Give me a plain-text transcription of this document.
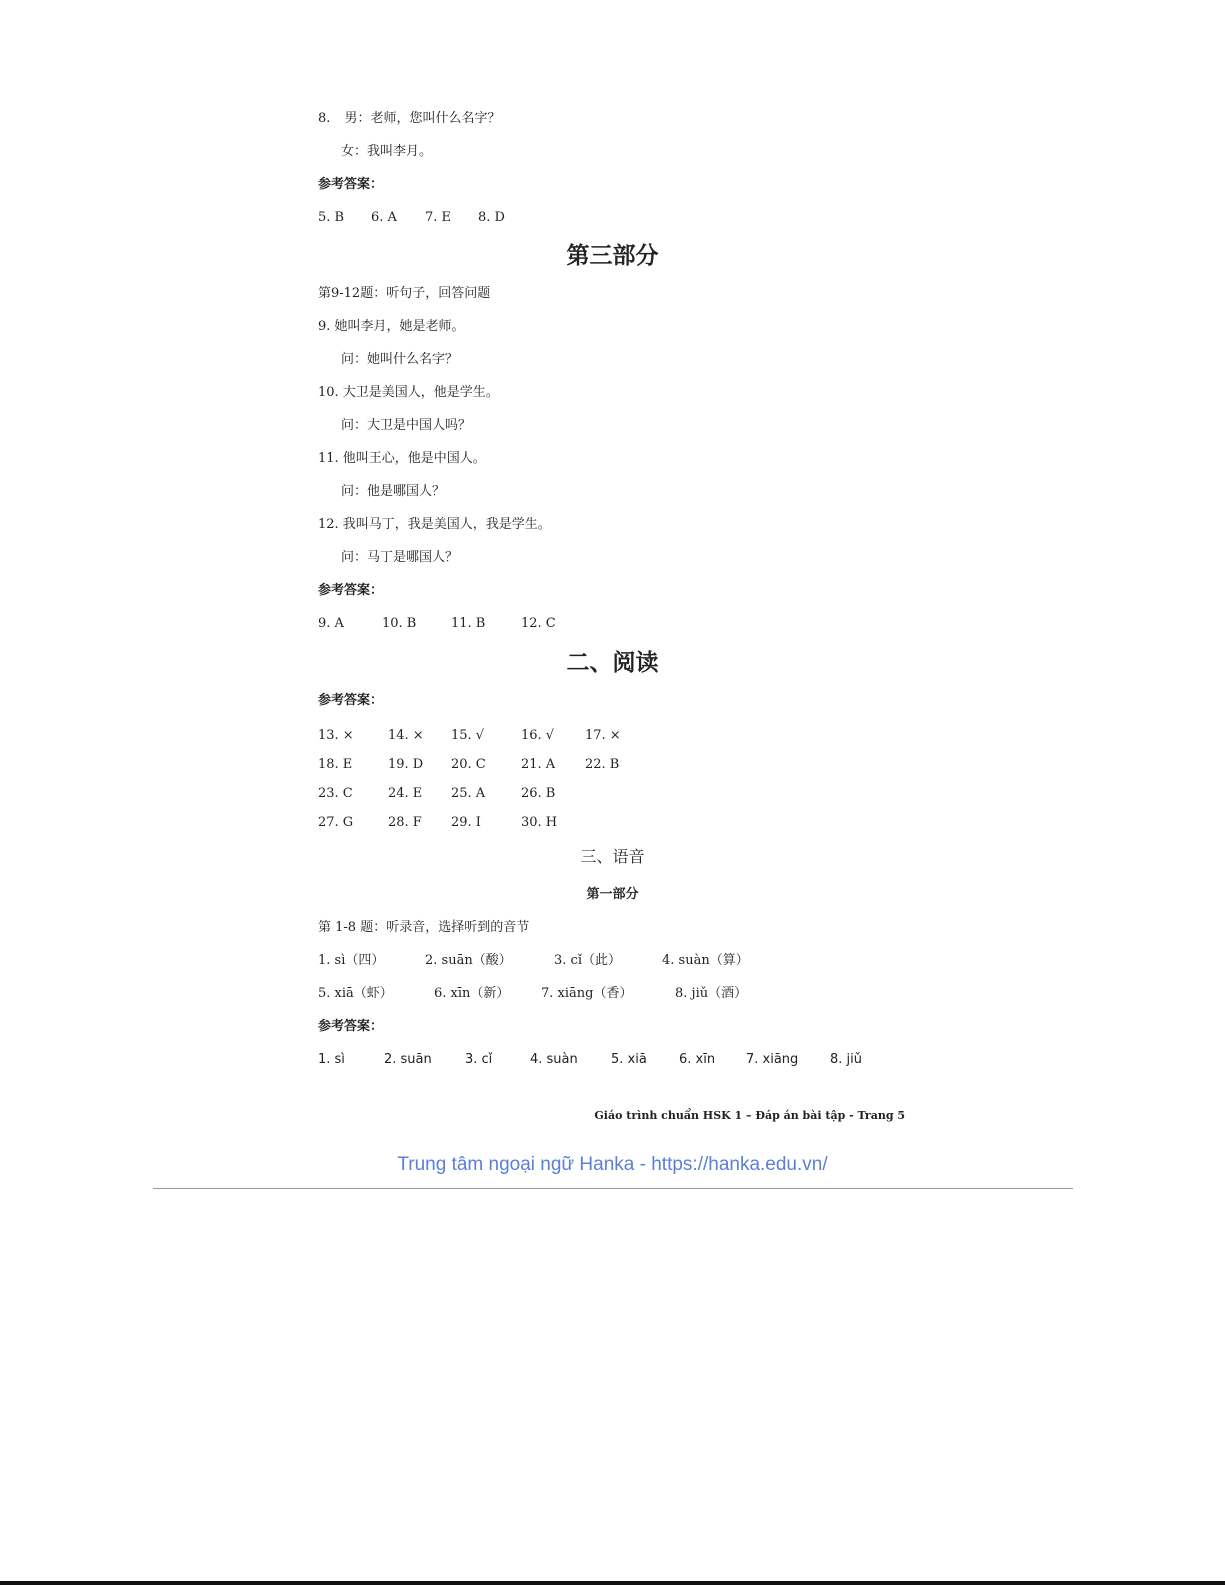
8. 男：老师，您叫什么名字？
女：我叫李月。
参考答案：
5. B 6. A 7. E 8. D
第三部分
第9-12题：听句子，回答问题
9. 她叫李月，她是老师。
问：她叫什么名字？
10. 大卫是美国人，他是学生。
问：大卫是中国人吗？
11. 他叫王心，他是中国人。
问：他是哪国人？
12. 我叫马丁，我是美国人，我是学生。
问：马丁是哪国人？
参考答案：
9. A	10. B	11. B	12. C
二、阅读
参考答案：
13. ×	14. × 15. √	16. √ 17. ×
18. E	19. D 20. C	21. A 22. B
23. C	24. E 25. A	26. B
27. G	28. F 29. I	30. H
三、语音
第一部分
第 1-8 题：听录音，选择听到的音节
1. sì（四）	2. suān（酸）	3. cǐ（此）	4. suàn（算）
5. xiā（虾）	6. xīn（新） 7. xiāng（香）	8. jiǔ（酒）
参考答案：
1. sì	2. suān	3. cǐ	4. suàn	5. xiā 6. xīn 7. xiāng 8. jiǔ
Giáo trình chuẩn HSK 1 – Đáp án bài tập - Trang 5
Trung tâm ngoại ngữ Hanka - https://hanka.edu.vn/
